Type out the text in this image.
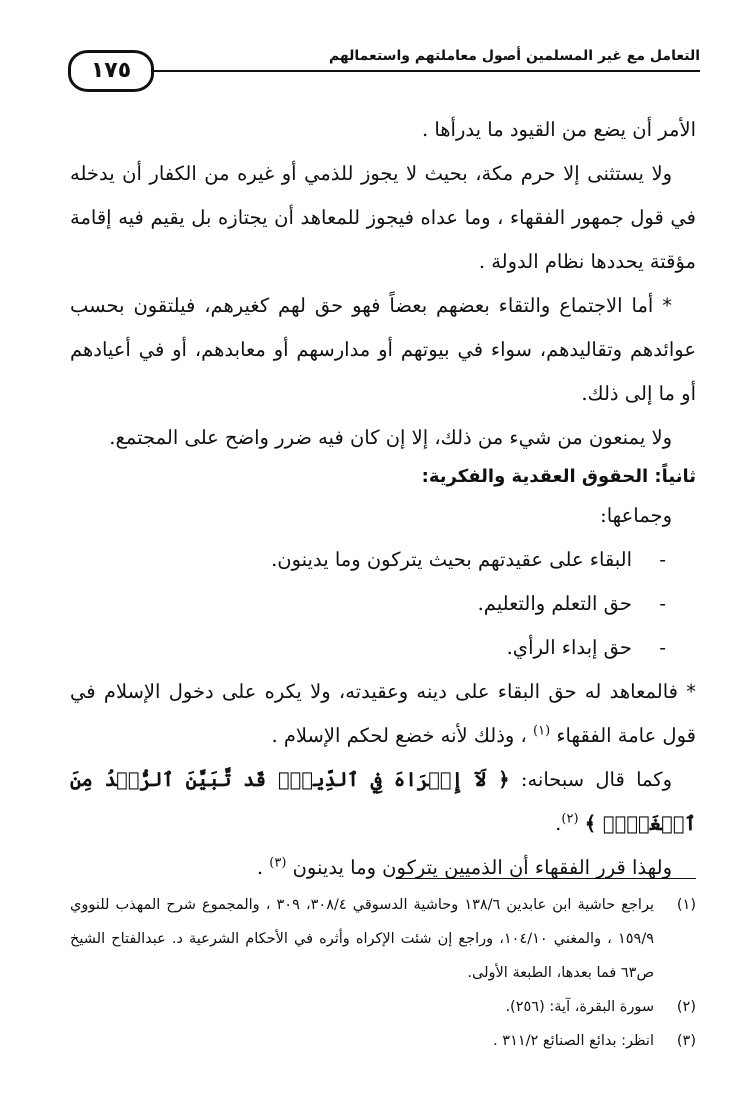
التعامل مع غير المسلمين أصول معاملتهم واستعمالهم
١٧٥

الأمر أن يضع من القيود ما يدرأها .

ولا يستثنى إلا حرم مكة، بحيث لا يجوز للذمي أو غيره من الكفار أن يدخله في قول جمهور الفقهاء ، وما عداه فيجوز للمعاهد أن يجتازه بل يقيم فيه إقامة مؤقتة يحددها نظام الدولة .

* أما الاجتماع والتقاء بعضهم بعضاً فهو حق لهم كغيرهم، فيلتقون بحسب عوائدهم وتقاليدهم، سواء في بيوتهم أو مدارسهم أو معابدهم، أو في أعيادهم أو ما إلى ذلك.

ولا يمنعون من شيء من ذلك، إلا إن كان فيه ضرر واضح على المجتمع.

ثانياً: الحقوق العقدية والفكرية:

وجماعها:

-البقاء على عقيدتهم بحيث يتركون وما يدينون.
-حق التعلم والتعليم.
-حق إبداء الرأي.

* فالمعاهد له حق البقاء على دينه وعقيدته، ولا يكره على دخول الإسلام في قول عامة الفقهاء $^{(١)}$ ، وذلك لأنه خضع لحكم الإسلام .

وكما قال سبحانه: ﴿ لَآ إِكۡرَاهَ فِي ٱلدِّينِۖ قَد تَّبَيَّنَ ٱلرُّشۡدُ مِنَ ٱلۡغَيِّۚ ﴾ $^{(٢)}$.

ولهذا قرر الفقهاء أن الذميين يتركون وما يدينون $^{(٣)}$ .

(١)
يراجع حاشية ابن عابدين ١٣٨/٦ وحاشية الدسوقي ٣٠٨/٤، ٣٠٩ ، والمجموع شرح المهذب للنووي ١٥٩/٩ ، والمغني ١٠٤/١٠، وراجع إن شئت الإكراه وأثره في الأحكام الشرعية د. عبدالفتاح الشيخ ص٦٣ فما بعدها، الطبعة الأولى.
(٢)
سورة البقرة، آية: (٢٥٦).
(٣)
انظر: بدائع الصنائع ٣١١/٢ .
